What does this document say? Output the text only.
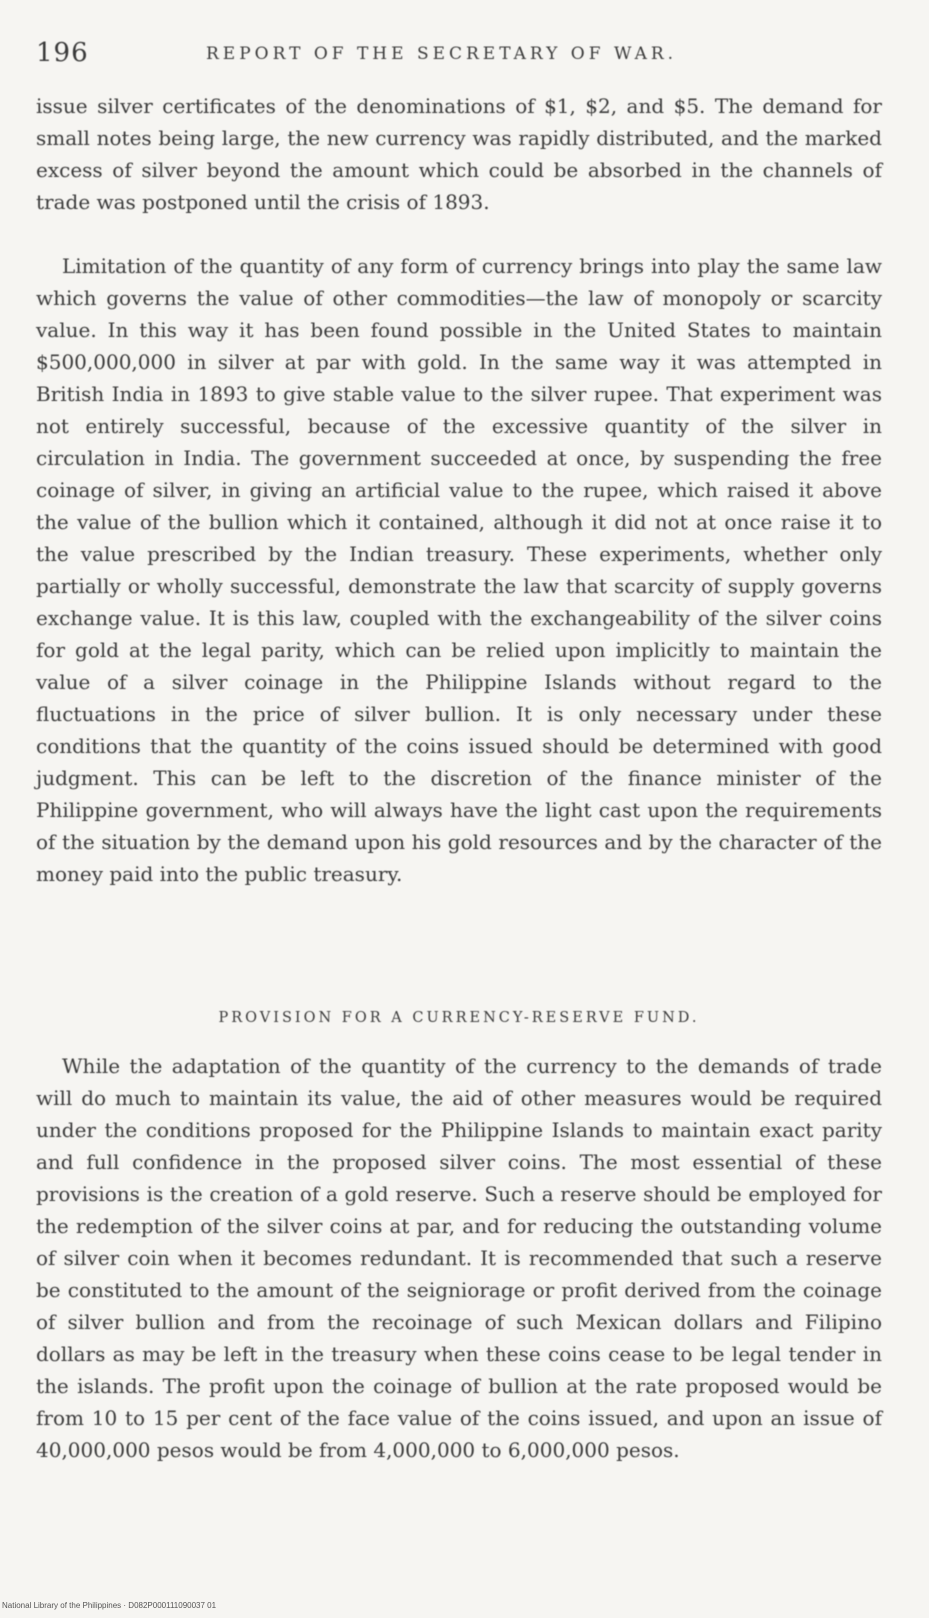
196	REPORT OF THE SECRETARY OF WAR.

issue silver certificates of the denominations of $1, $2, and $5. The demand for small notes being large, the new currency was rapidly distributed, and the marked excess of silver beyond the amount which could be absorbed in the channels of trade was postponed until the crisis of 1893.

Limitation of the quantity of any form of currency brings into play the same law which governs the value of other commodities—the law of monopoly or scarcity value. In this way it has been found possible in the United States to maintain $500,000,000 in silver at par with gold. In the same way it was attempted in British India in 1893 to give stable value to the silver rupee. That experiment was not entirely successful, because of the excessive quantity of the silver in circulation in India. The government succeeded at once, by suspending the free coinage of silver, in giving an artificial value to the rupee, which raised it above the value of the bullion which it contained, although it did not at once raise it to the value prescribed by the Indian treasury. These experiments, whether only partially or wholly successful, demonstrate the law that scarcity of supply governs exchange value. It is this law, coupled with the exchangeability of the silver coins for gold at the legal parity, which can be relied upon implicitly to maintain the value of a silver coinage in the Philippine Islands without regard to the fluctuations in the price of silver bullion. It is only necessary under these conditions that the quantity of the coins issued should be determined with good judgment. This can be left to the discretion of the finance minister of the Philippine government, who will always have the light cast upon the requirements of the situation by the demand upon his gold resources and by the character of the money paid into the public treasury.

PROVISION FOR A CURRENCY-RESERVE FUND.

While the adaptation of the quantity of the currency to the demands of trade will do much to maintain its value, the aid of other measures would be required under the conditions proposed for the Philippine Islands to maintain exact parity and full confidence in the proposed silver coins. The most essential of these provisions is the creation of a gold reserve. Such a reserve should be employed for the redemption of the silver coins at par, and for reducing the outstanding volume of silver coin when it becomes redundant. It is recommended that such a reserve be constituted to the amount of the seigniorage or profit derived from the coinage of silver bullion and from the recoinage of such Mexican dollars and Filipino dollars as may be left in the treasury when these coins cease to be legal tender in the islands. The profit upon the coinage of bullion at the rate proposed would be from 10 to 15 per cent of the face value of the coins issued, and upon an issue of 40,000,000 pesos would be from 4,000,000 to 6,000,000 pesos.

National Library of the Philippines · D082P000111090037 01
